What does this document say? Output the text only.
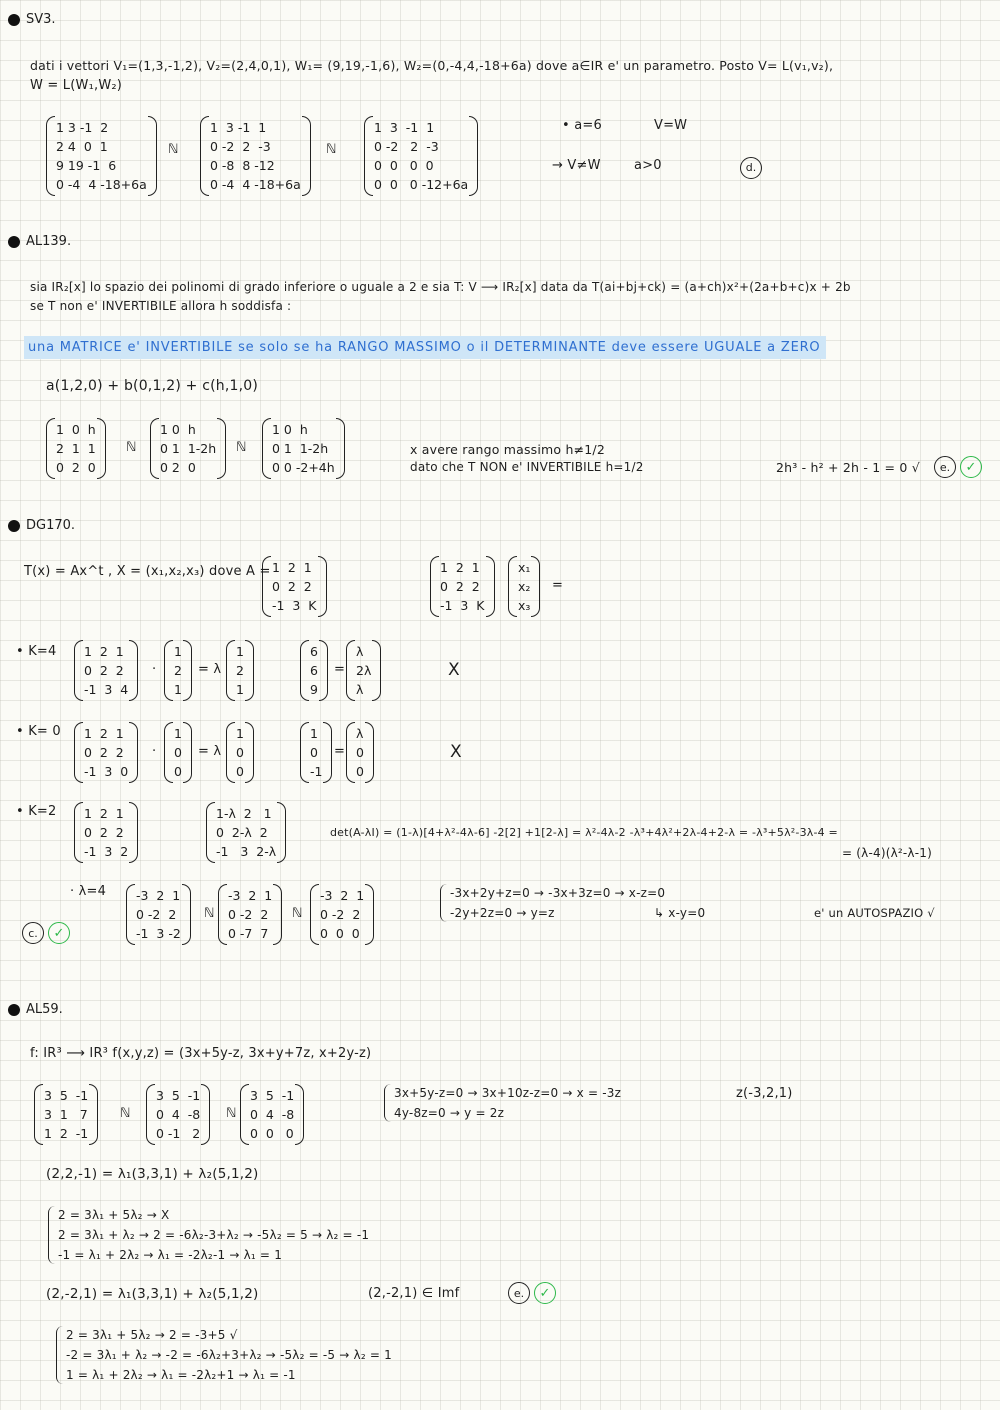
SV3.
dati i vettori V₁=(1,3,-1,2), V₂=(2,4,0,1), W₁= (9,19,-1,6), W₂=(0,-4,4,-18+6a) dove a∈IR e' un parametro. Posto V= L(v₁,v₂),
W = L(W₁,W₂)
1 3 -1  2
2 4  0  1
9 19 -1  6
0 -4  4 -18+6a
ℕ
1  3 -1  1
0 -2  2  -3
0 -8  8 -12
0 -4  4 -18+6a
ℕ
1  3  -1  1
0 -2   2  -3
0  0   0  0
0  0   0 -12+6a
• a=6	V=W
→ V≠W	a>0	d.
AL139.
sia IR₂[x] lo spazio dei polinomi di grado inferiore o uguale a 2 e sia T: V ⟶ IR₂[x] data da T(ai+bj+ck) = (a+ch)x²+(2a+b+c)x + 2b
se T non e' INVERTIBILE allora h soddisfa :
una MATRICE e' INVERTIBILE se solo se ha RANGO MASSIMO o il DETERMINANTE deve essere UGUALE a ZERO
a(1,2,0) + b(0,1,2) + c(h,1,0)
1  0  h
2  1  1
0  2  0
ℕ
1 0  h
0 1  1-2h
0 2  0
ℕ
1 0  h
0 1  1-2h
0 0 -2+4h
x avere rango massimo h≠1/2
dato che T NON e' INVERTIBILE h=1/2	2h³ - h² + 2h - 1 = 0 √	e.	✓
DG170.
T(x) = Ax^t , X = (x₁,x₂,x₃) dove A = 1  2  1
0  2  2
-1  3  K
1  2  1
0  2  2
-1  3  K
x₁
x₂
x₃
=
• K=4 1  2  1
0  2  2
-1  3  4
·
1
2
1
= λ
1
2
1
6
6
9
=
λ
2λ
λ
X
• K= 0 1  2  1
0  2  2
-1  3  0
·
1
0
0
= λ
1
0
0
1
0
-1
=
λ
0
0
X
• K=2 1  2  1
0  2  2
-1  3  2
1-λ  2   1
0  2-λ  2
-1   3  2-λ
det(A-λI) = (1-λ)[4+λ²-4λ-6] -2[2] +1[2-λ] = λ²-4λ-2 -λ³+4λ²+2λ-4+2-λ = -λ³+5λ²-3λ-4 =
= (λ-4)(λ²-λ-1)
· λ=4 -3  2  1
0 -2  2
-1  3 -2
ℕ
-3  2  1
0 -2  2
0 -7  7
ℕ
-3  2  1
0 -2  2
0  0  0
-3x+2y+z=0 → -3x+3z=0 → x-z=0
-2y+2z=0 → y=z	↳ x-y=0	e' un AUTOSPAZIO √
c.	✓
AL59.
f: IR³ ⟶ IR³ f(x,y,z) = (3x+5y-z, 3x+y+7z, x+2y-z)
3  5  -1
3  1   7
1  2  -1
ℕ
3  5  -1
0  4  -8
0 -1   2
ℕ
3  5  -1
0  4  -8
0  0   0
3x+5y-z=0 → 3x+10z-z=0 → x = -3z
4y-8z=0 → y = 2z
z(-3,2,1)
(2,2,-1) = λ₁(3,3,1) + λ₂(5,1,2)
2 = 3λ₁ + 5λ₂ → X
2 = 3λ₁ + λ₂ → 2 = -6λ₂-3+λ₂ → -5λ₂ = 5 → λ₂ = -1
-1 = λ₁ + 2λ₂ → λ₁ = -2λ₂-1 → λ₁ = 1
(2,-2,1) = λ₁(3,3,1) + λ₂(5,1,2)	(2,-2,1) ∈ Imf	e.	✓
2 = 3λ₁ + 5λ₂ → 2 = -3+5 √
-2 = 3λ₁ + λ₂ → -2 = -6λ₂+3+λ₂ → -5λ₂ = -5 → λ₂ = 1
1 = λ₁ + 2λ₂ → λ₁ = -2λ₂+1 → λ₁ = -1
